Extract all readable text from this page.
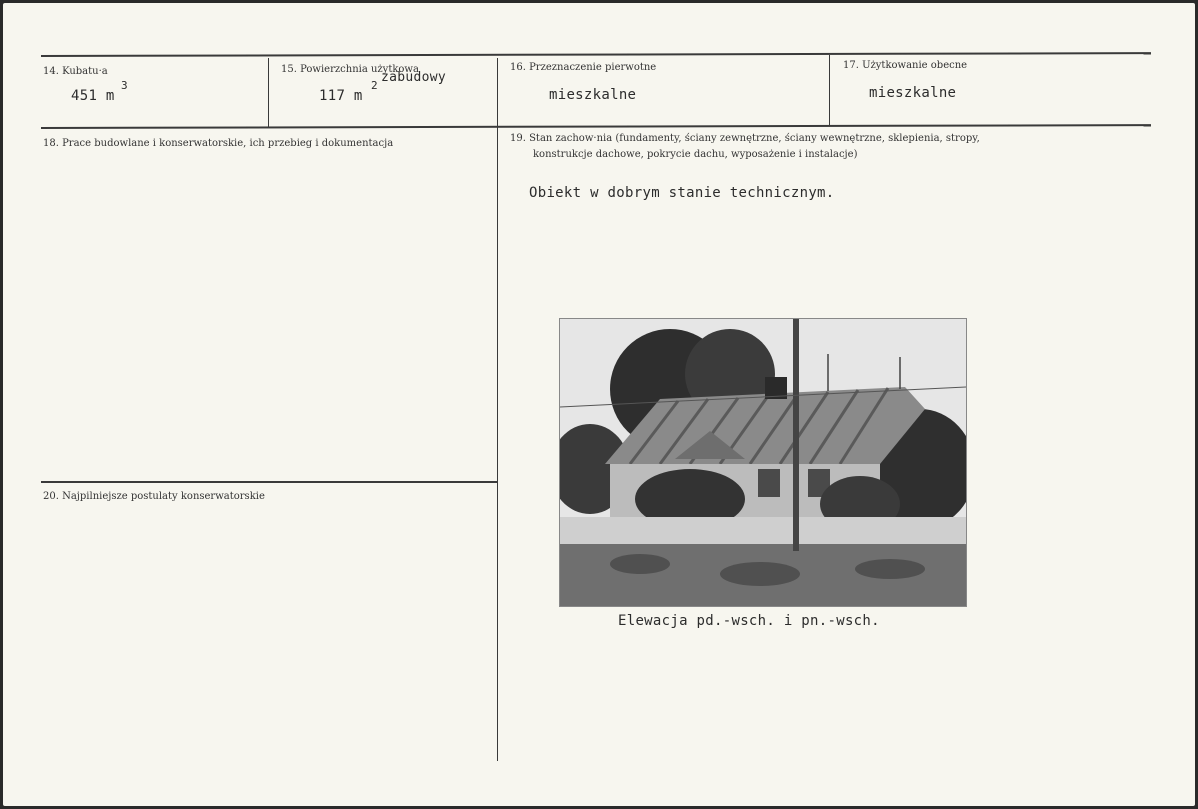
14. Kubatu·a
451 m
3
15. Powierzchnia użytkowa
117 m
2
zabudowy
16. Przeznaczenie pierwotne
mieszkalne
17. Użytkowanie obecne
mieszkalne
18. Prace budowlane i konserwatorskie, ich przebieg i dokumentacja	19. Stan zachow·nia (fundamenty, ściany zewnętrzne, ściany wewnętrzne, sklepienia, stropy,
konstrukcje dachowe, pokrycie dachu, wyposażenie i instalacje)
Obiekt w dobrym stanie technicznym.
20. Najpilniejsze postulaty konserwatorskie
Elewacja pd.-wsch. i pn.-wsch.
